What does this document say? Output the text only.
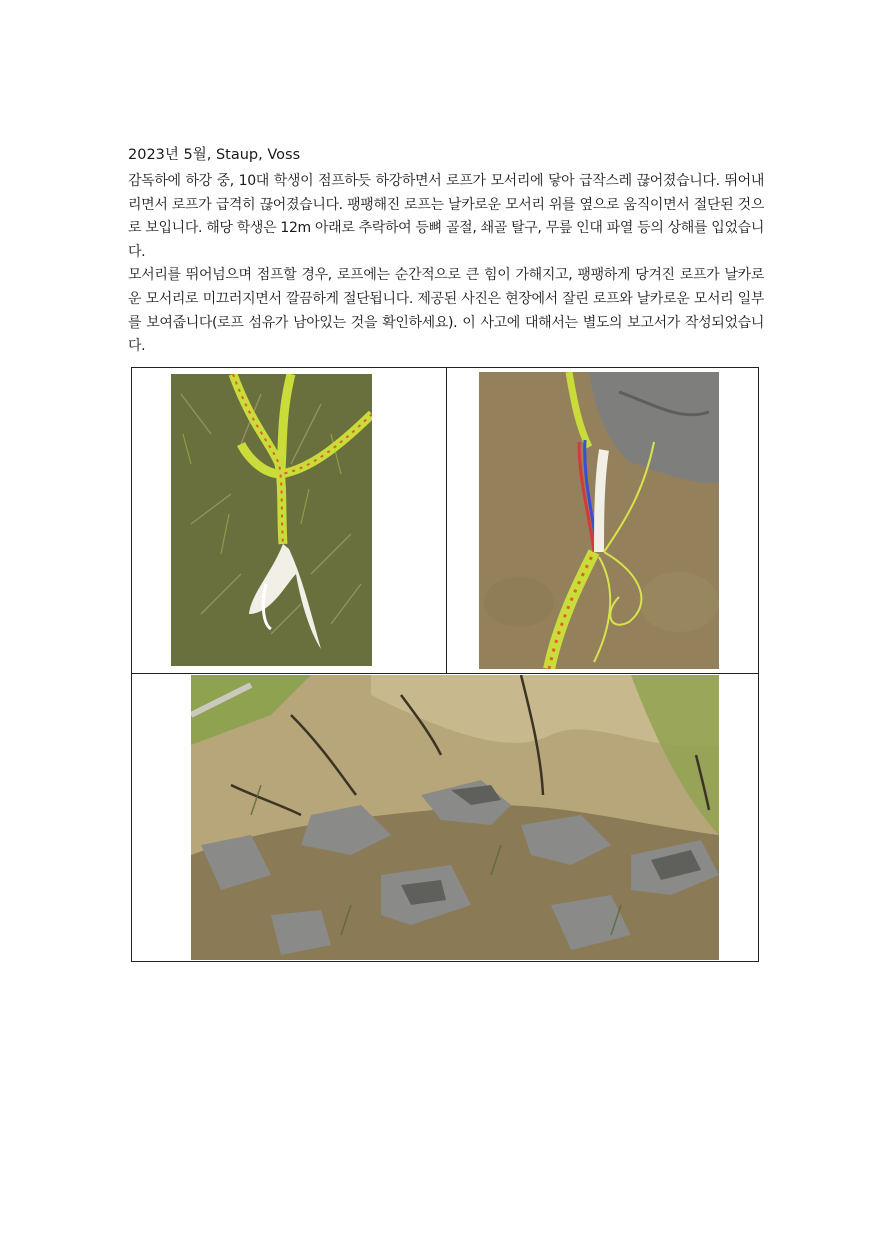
2023년 5월, Staup, Voss

감독하에 하강 중, 10대 학생이 점프하듯 하강하면서 로프가 모서리에 닿아 급작스레 끊어졌습니다. 뛰어내리면서 로프가 급격히 끊어졌습니다. 팽팽해진 로프는 날카로운 모서리 위를 옆으로 움직이면서 절단된 것으로 보입니다. 해당 학생은 12m 아래로 추락하여 등뼈 골절, 쇄골 탈구, 무릎 인대 파열 등의 상해를 입었습니다.

모서리를 뛰어넘으며 점프할 경우, 로프에는 순간적으로 큰 힘이 가해지고, 팽팽하게 당겨진 로프가 날카로운 모서리로 미끄러지면서 깔끔하게 절단됩니다. 제공된 사진은 현장에서 잘린 로프와 날카로운 모서리 일부를 보여줍니다(로프 섬유가 남아있는 것을 확인하세요). 이 사고에 대해서는 별도의 보고서가 작성되었습니다.
